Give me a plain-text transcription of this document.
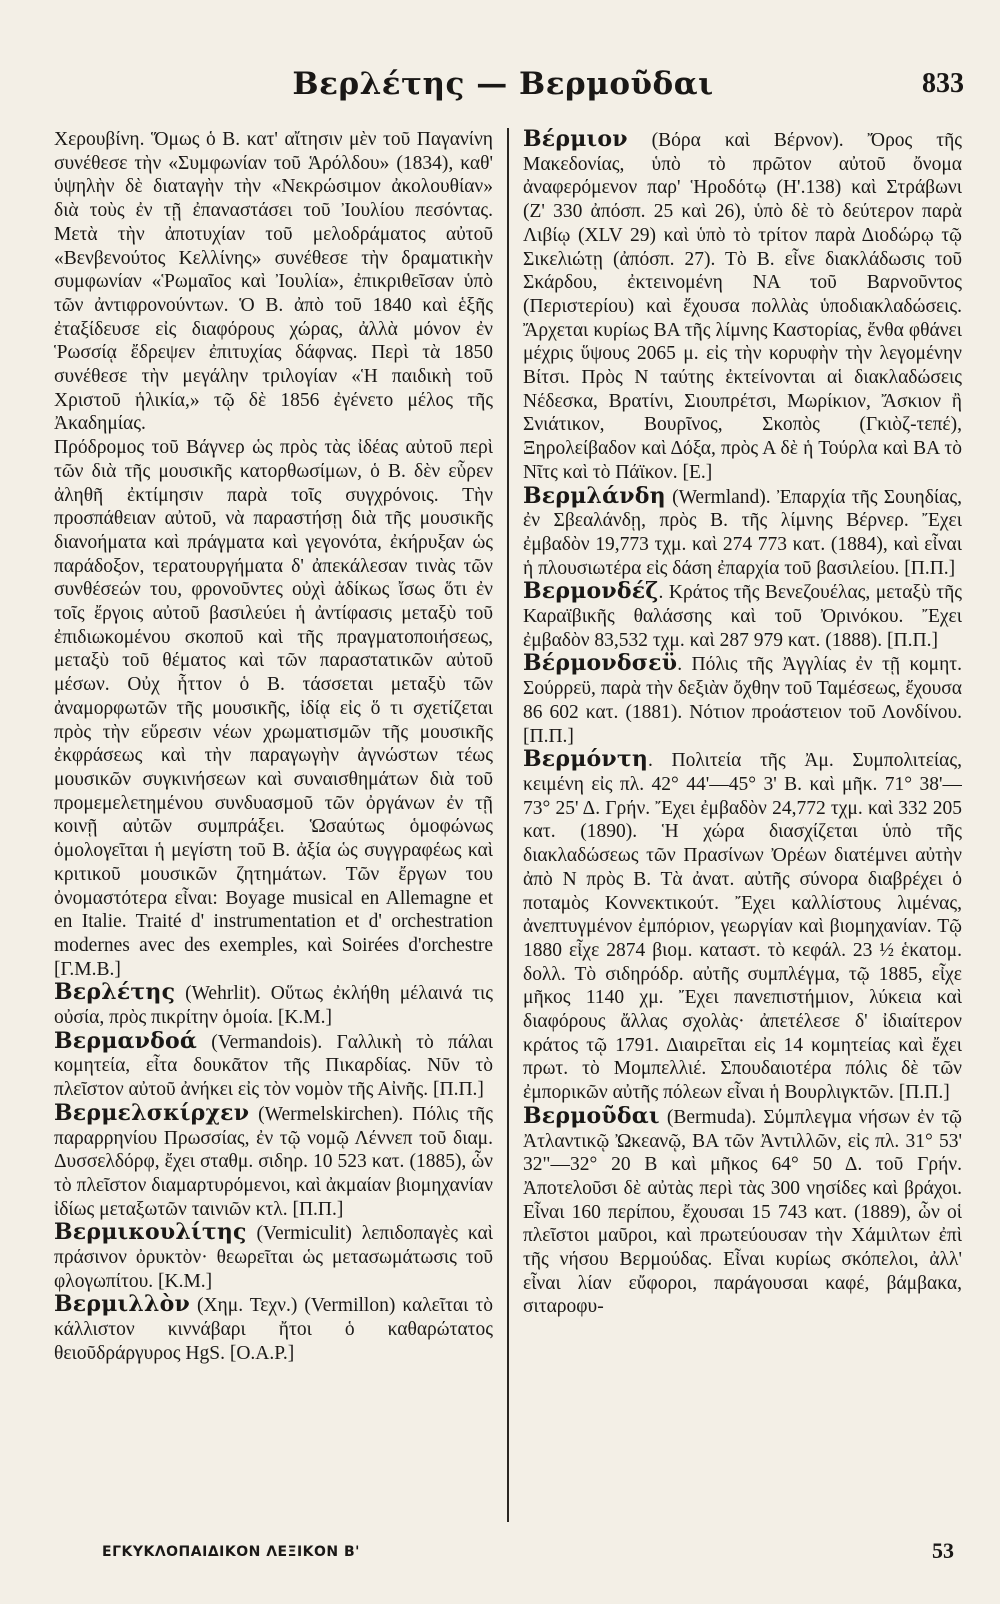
Βερλέτης — Βερμοῦδαι	833

Χερουβίνη. Ὅμως ὁ Β. κατ' αἴτησιν μὲν τοῦ Παγανίνη συνέθεσε τὴν «Συμφωνίαν τοῦ Ἁρόλδου» (1834), καθ' ὑψηλὴν δὲ διαταγὴν τὴν «Νεκρώσιμον ἀκολουθίαν» διὰ τοὺς ἐν τῇ ἐπαναστάσει τοῦ Ἰουλίου πεσόντας. Μετὰ τὴν ἀποτυχίαν τοῦ μελοδράματος αὐτοῦ «Βενβενούτος Κελλίνης» συνέθεσε τὴν δραματικὴν συμφωνίαν «Ῥωμαῖος καὶ Ἰουλία», ἐπικριθεῖσαν ὑπὸ τῶν ἀντιφρονούντων. Ὁ Β. ἀπὸ τοῦ 1840 καὶ ἑξῆς ἐταξίδευσε εἰς διαφόρους χώρας, ἀλλὰ μόνον ἐν Ῥωσσίᾳ ἔδρεψεν ἐπιτυχίας δάφνας. Περὶ τὰ 1850 συνέθεσε τὴν μεγάλην τριλογίαν «Ἡ παιδικὴ τοῦ Χριστοῦ ἡλικία,» τῷ δὲ 1856 ἐγένετο μέλος τῆς Ἀκαδημίας.

Πρόδρομος τοῦ Βάγνερ ὡς πρὸς τὰς ἰδέας αὐτοῦ περὶ τῶν διὰ τῆς μουσικῆς κατορθωσίμων, ὁ Β. δὲν εὗρεν ἀληθῆ ἐκτίμησιν παρὰ τοῖς συγχρόνοις. Τὴν προσπάθειαν αὐτοῦ, νὰ παραστήσῃ διὰ τῆς μουσικῆς διανοήματα καὶ πράγματα καὶ γεγονότα, ἐκήρυξαν ὡς παράδοξον, τερατουργήματα δ' ἀπεκάλεσαν τινὰς τῶν συνθέσεών του, φρονοῦντες οὐχὶ ἀδίκως ἴσως ὅτι ἐν τοῖς ἔργοις αὐτοῦ βασιλεύει ἡ ἀντίφασις μεταξὺ τοῦ ἐπιδιωκομένου σκοποῦ καὶ τῆς πραγματοποιήσεως, μεταξὺ τοῦ θέματος καὶ τῶν παραστατικῶν αὐτοῦ μέσων. Οὐχ ἧττον ὁ Β. τάσσεται μεταξὺ τῶν ἀναμορφωτῶν τῆς μουσικῆς, ἰδίᾳ εἰς ὅ τι σχετίζεται πρὸς τὴν εὕρεσιν νέων χρωματισμῶν τῆς μουσικῆς ἐκφράσεως καὶ τὴν παραγωγὴν ἀγνώστων τέως μουσικῶν συγκινήσεων καὶ συναισθημάτων διὰ τοῦ προμεμελετημένου συνδυασμοῦ τῶν ὀργάνων ἐν τῇ κοινῇ αὐτῶν συμπράξει. Ὡσαύτως ὁμοφώνως ὁμολογεῖται ἡ μεγίστη τοῦ Β. ἀξία ὡς συγγραφέως καὶ κριτικοῦ μουσικῶν ζητημάτων. Τῶν ἔργων του ὀνομαστότερα εἶναι: Boyage musical en Allemagne et en Italie. Traité d' instrumentation et d' orchestration modernes avec des exemples, καὶ Soirées d'orchestre [Γ.Μ.Β.]

Βερλέτης (Wehrlit). Οὕτως ἐκλήθη μέλαινά τις οὐσία, πρὸς πικρίτην ὁμοία. [Κ.Μ.]

Βερμανδοά (Vermandois). Γαλλικὴ τὸ πάλαι κομητεία, εἶτα δουκᾶτον τῆς Πικαρδίας. Νῦν τὸ πλεῖστον αὐτοῦ ἀνήκει εἰς τὸν νομὸν τῆς Αἰνῆς. [Π.Π.]

Βερμελσκίρχεν (Wermelskirchen). Πόλις τῆς παραρρηνίου Πρωσσίας, ἐν τῷ νομῷ Λέννεπ τοῦ διαμ. Δυσσελδόρφ, ἔχει σταθμ. σιδηρ. 10 523 κατ. (1885), ὧν τὸ πλεῖστον διαμαρτυρόμενοι, καὶ ἀκμαίαν βιομηχανίαν ἰδίως μεταξωτῶν ταινιῶν κτλ. [Π.Π.]

Βερμικουλίτης (Vermiculit) λεπιδοπαγὲς καὶ πράσινον ὀρυκτὸν· θεωρεῖται ὡς μετασωμάτωσις τοῦ φλογωπίτου. [Κ.Μ.]

Βερμιλλὸν (Χημ. Τεχν.) (Vermillon) καλεῖται τὸ κάλλιστον κιννάβαρι ἤτοι ὁ καθαρώτατος θειοῦδράργυρος HgS. [Ο.Α.Ρ.]

Βέρμιον (Βόρα καὶ Βέρνον). Ὄρος τῆς Μακεδονίας, ὑπὸ τὸ πρῶτον αὐτοῦ ὄνομα ἀναφερόμενον παρ' Ἡροδότῳ (Η'.138) καὶ Στράβωνι (Ζ' 330 ἀπόσπ. 25 καὶ 26), ὑπὸ δὲ τὸ δεύτερον παρὰ Λιβίῳ (XLV 29) καὶ ὑπὸ τὸ τρίτον παρὰ Διοδώρῳ τῷ Σικελιώτῃ (ἀπόσπ. 27). Τὸ Β. εἶνε διακλάδωσις τοῦ Σκάρδου, ἐκτεινομένη ΝΑ τοῦ Βαρνοῦντος (Περιστερίου) καὶ ἔχουσα πολλὰς ὑποδιακλαδώσεις. Ἄρχεται κυρίως ΒΑ τῆς λίμνης Καστορίας, ἔνθα φθάνει μέχρις ὕψους 2065 μ. εἰς τὴν κορυφὴν τὴν λεγομένην Βίτσι. Πρὸς Ν ταύτης ἐκτείνονται αἱ διακλαδώσεις Νέδεσκα, Βρατίνι, Σιουπρέτσι, Μωρίκιον, Ἄσκιον ἢ Σνιάτικον, Βουρῖνος, Σκοπὸς (Γκιὸζ-τεπέ), Ξηρολείβαδον καὶ Δόξα, πρὸς Α δὲ ἡ Τούρλα καὶ ΒΑ τὸ Νῖτς καὶ τὸ Πάϊκον. [Ε.]

Βερμλάνδη (Wermland). Ἐπαρχία τῆς Σουηδίας, ἐν Σβεαλάνδῃ, πρὸς Β. τῆς λίμνης Βέρνερ. Ἔχει ἐμβαδὸν 19,773 τχμ. καὶ 274 773 κατ. (1884), καὶ εἶναι ἡ πλουσιωτέρα εἰς δάση ἐπαρχία τοῦ βασιλείου. [Π.Π.]

Βερμονδέζ. Κράτος τῆς Βενεζουέλας, μεταξὺ τῆς Καραϊβικῆς θαλάσσης καὶ τοῦ Ὀρινόκου. Ἔχει ἐμβαδὸν 83,532 τχμ. καὶ 287 979 κατ. (1888). [Π.Π.]

Βέρμονδσεϋ. Πόλις τῆς Ἀγγλίας ἐν τῇ κομητ. Σούρρεϋ, παρὰ τὴν δεξιὰν ὄχθην τοῦ Ταμέσεως, ἔχουσα 86 602 κατ. (1881). Νότιον προάστειον τοῦ Λονδίνου. [Π.Π.]

Βερμόντη. Πολιτεία τῆς Ἀμ. Συμπολιτείας, κειμένη εἰς πλ. 42° 44'—45° 3' Β. καὶ μῆκ. 71° 38'—73° 25' Δ. Γρήν. Ἔχει ἐμβαδὸν 24,772 τχμ. καὶ 332 205 κατ. (1890). Ἡ χώρα διασχίζεται ὑπὸ τῆς διακλαδώσεως τῶν Πρασίνων Ὀρέων διατέμνει αὐτὴν ἀπὸ Ν πρὸς Β. Τὰ ἀνατ. αὐτῆς σύνορα διαβρέχει ὁ ποταμὸς Κοννεκτικούτ. Ἔχει καλλίστους λιμένας, ἀνεπτυγμένον ἐμπόριον, γεωργίαν καὶ βιομηχανίαν. Τῷ 1880 εἶχε 2874 βιομ. καταστ. τὸ κεφάλ. 23 ½ ἑκατομ. δολλ. Τὸ σιδηρόδρ. αὐτῆς συμπλέγμα, τῷ 1885, εἶχε μῆκος 1140 χμ. Ἔχει πανεπιστήμιον, λύκεια καὶ διαφόρους ἄλλας σχολὰς· ἀπετέλεσε δ' ἰδιαίτερον κράτος τῷ 1791. Διαιρεῖται εἰς 14 κομητείας καὶ ἔχει πρωτ. τὸ Μομπελλιέ. Σπουδαιοτέρα πόλις δὲ τῶν ἐμπορικῶν αὐτῆς πόλεων εἶναι ἡ Βουρλιγκτῶν. [Π.Π.]

Βερμοῦδαι (Bermuda). Σύμπλεγμα νήσων ἐν τῷ Ἀτλαντικῷ Ὠκεανῷ, ΒΑ τῶν Ἀντιλλῶν, εἰς πλ. 31° 53' 32"—32° 20 Β καὶ μῆκος 64° 50 Δ. τοῦ Γρήν. Ἀποτελοῦσι δὲ αὐτὰς περὶ τὰς 300 νησίδες καὶ βράχοι. Εἶναι 160 περίπου, ἔχουσαι 15 743 κατ. (1889), ὧν οἱ πλεῖστοι μαῦροι, καὶ πρωτεύουσαν τὴν Χάμιλτων ἐπὶ τῆς νήσου Βερμούδας. Εἶναι κυρίως σκόπελοι, ἀλλ' εἶναι λίαν εὔφοροι, παράγουσαι καφέ, βάμβακα, σιταροφυ-

ΕΓΚΥΚΛΟΠΑΙΔΙΚΟΝ ΛΕΞΙΚΟΝ Β'	53
